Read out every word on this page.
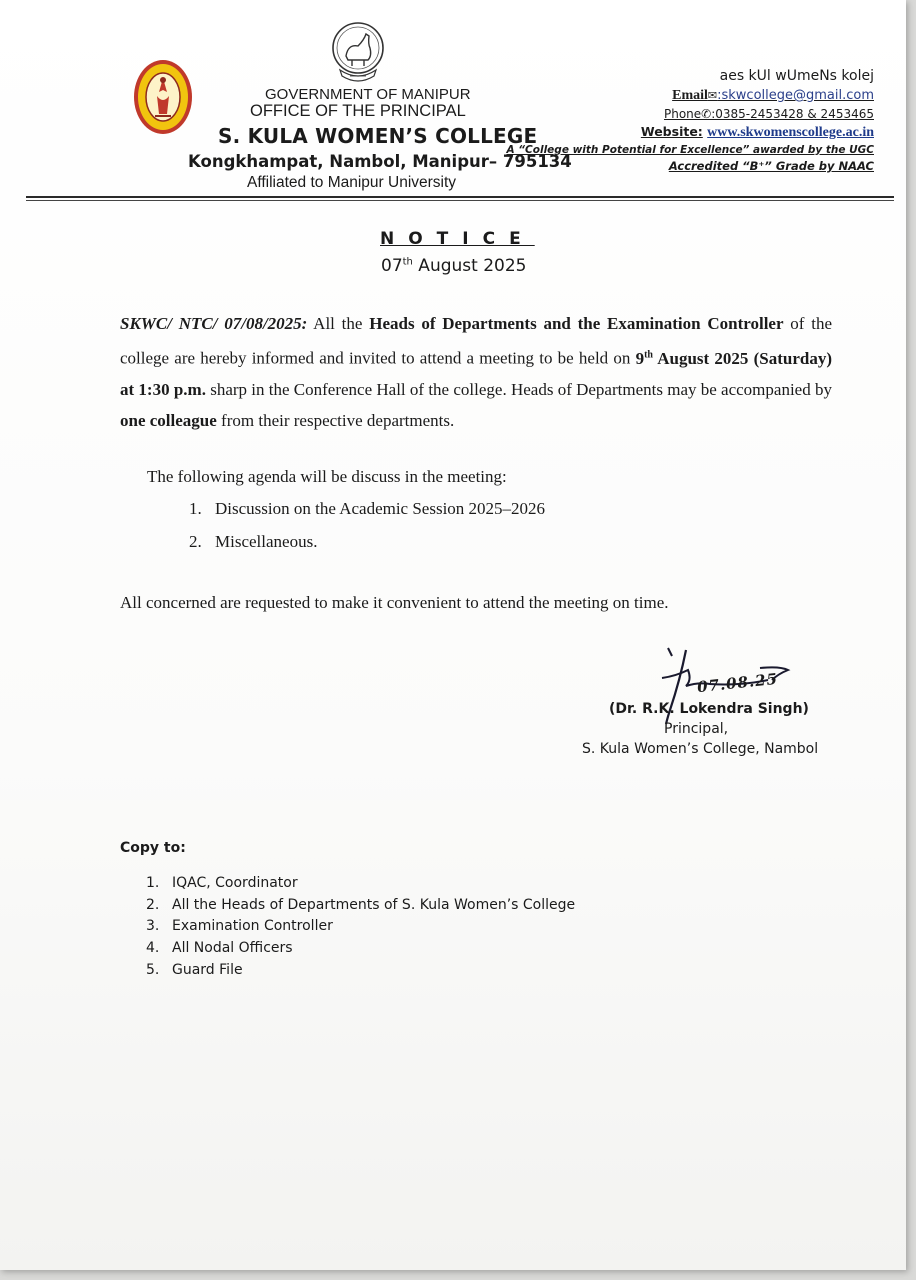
GOVERNMENT OF MANIPUR
OFFICE OF THE PRINCIPAL
S. KULA WOMEN’S COLLEGE
Kongkhampat, Nambol, Manipur– 795134
Affiliated to Manipur University
aes kUl wUmeNs kolej
Email✉:skwcollege@gmail.com
Phone✆:0385-2453428 & 2453465
Website: www.skwomenscollege.ac.in
A “College with Potential for Excellence” awarded by the UGC
Accredited “B⁺” Grade by NAAC
NOTICE
07th August 2025
SKWC/ NTC/ 07/08/2025: All the Heads of Departments and the Examination Controller of the college are hereby informed and invited to attend a meeting to be held on 9th August 2025 (Saturday) at 1:30 p.m. sharp in the Conference Hall of the college. Heads of Departments may be accompanied by one colleague from their respective departments.
The following agenda will be discuss in the meeting:
1. Discussion on the Academic Session 2025–2026
2. Miscellaneous.
All concerned are requested to make it convenient to attend the meeting on time.
07.08.25
(Dr. R.K. Lokendra Singh)
Principal,
S. Kula Women’s College, Nambol
Copy to:
1. IQAC, Coordinator
2. All the Heads of Departments of S. Kula Women’s College
3. Examination Controller
4. All Nodal Officers
5. Guard File
